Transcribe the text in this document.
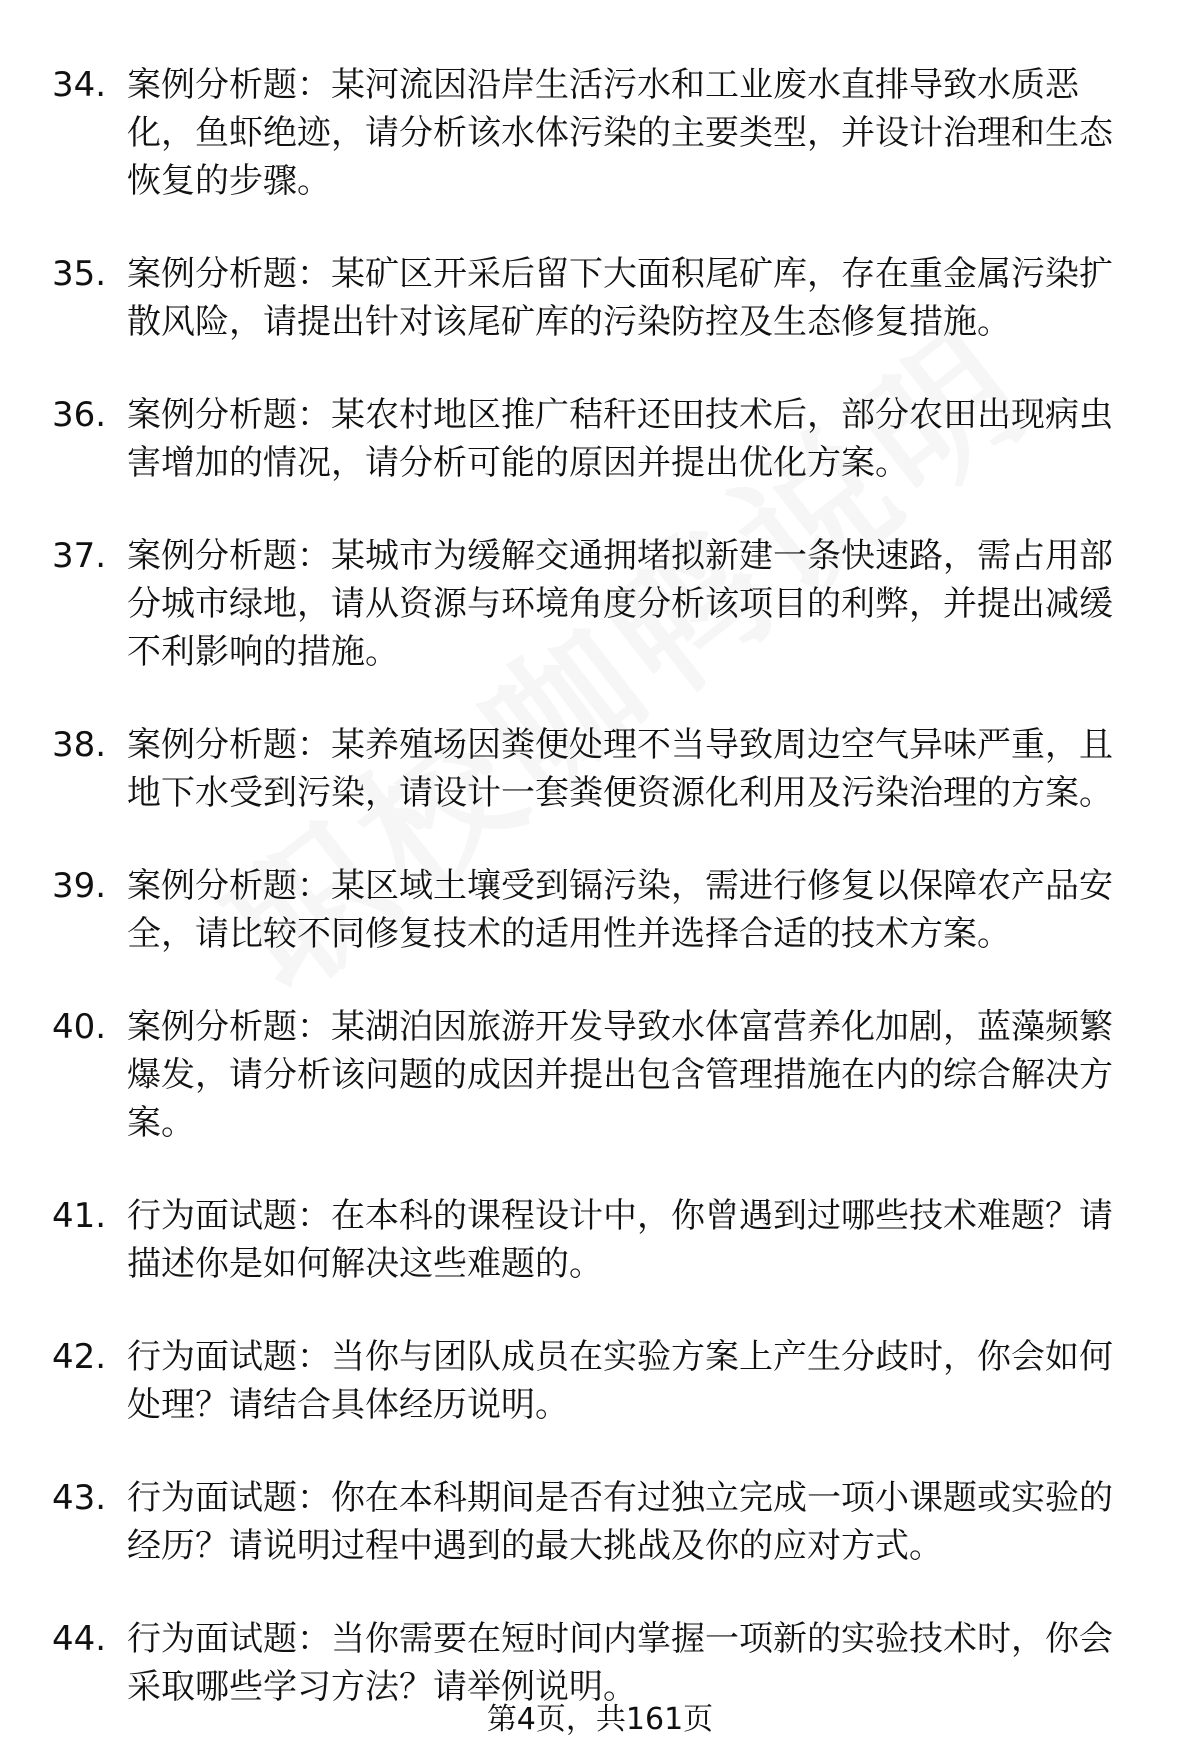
34. 案例分析题：某河流因沿岸生活污水和工业废水直排导致水质恶化，鱼虾绝迹，请分析该水体污染的主要类型，并设计治理和生态恢复的步骤。
35. 案例分析题：某矿区开采后留下大面积尾矿库，存在重金属污染扩散风险，请提出针对该尾矿库的污染防控及生态修复措施。
36. 案例分析题：某农村地区推广秸秆还田技术后，部分农田出现病虫害增加的情况，请分析可能的原因并提出优化方案。
37. 案例分析题：某城市为缓解交通拥堵拟新建一条快速路，需占用部分城市绿地，请从资源与环境角度分析该项目的利弊，并提出减缓不利影响的措施。
38. 案例分析题：某养殖场因粪便处理不当导致周边空气异味严重，且地下水受到污染，请设计一套粪便资源化利用及污染治理的方案。
39. 案例分析题：某区域土壤受到镉污染，需进行修复以保障农产品安全，请比较不同修复技术的适用性并选择合适的技术方案。
40. 案例分析题：某湖泊因旅游开发导致水体富营养化加剧，蓝藻频繁爆发，请分析该问题的成因并提出包含管理措施在内的综合解决方案。
41. 行为面试题：在本科的课程设计中，你曾遇到过哪些技术难题？请描述你是如何解决这些难题的。
42. 行为面试题：当你与团队成员在实验方案上产生分歧时，你会如何处理？请结合具体经历说明。
43. 行为面试题：你在本科期间是否有过独立完成一项小课题或实验的经历？请说明过程中遇到的最大挑战及你的应对方式。
44. 行为面试题：当你需要在短时间内掌握一项新的实验技术时，你会采取哪些学习方法？请举例说明。
第4页，共161页
